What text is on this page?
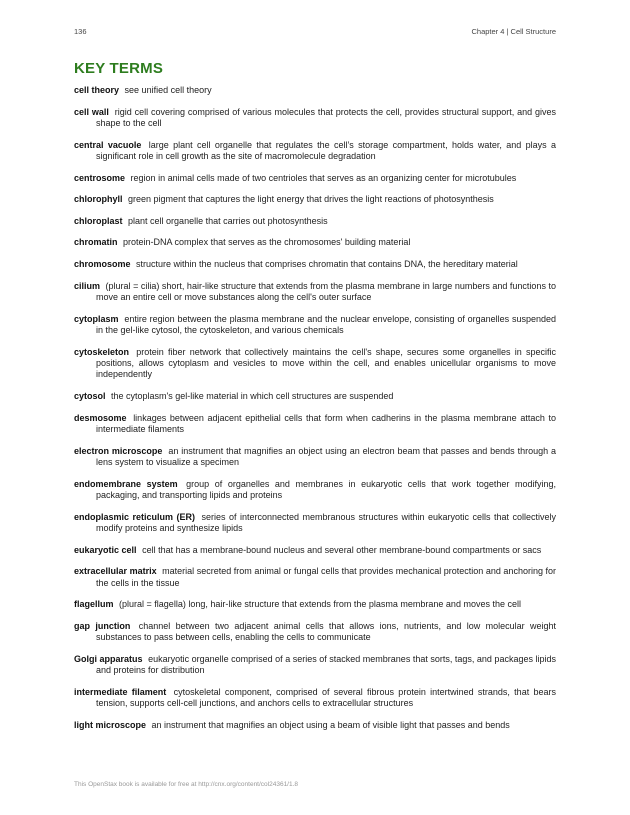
136	Chapter 4 | Cell Structure
KEY TERMS

cell theory see unified cell theory

cell wall rigid cell covering comprised of various molecules that protects the cell, provides structural support, and gives shape to the cell

central vacuole large plant cell organelle that regulates the cell’s storage compartment, holds water, and plays a significant role in cell growth as the site of macromolecule degradation

centrosome region in animal cells made of two centrioles that serves as an organizing center for microtubules

chlorophyll green pigment that captures the light energy that drives the light reactions of photosynthesis

chloroplast plant cell organelle that carries out photosynthesis

chromatin protein-DNA complex that serves as the chromosomes' building material

chromosome structure within the nucleus that comprises chromatin that contains DNA, the hereditary material

cilium (plural = cilia) short, hair-like structure that extends from the plasma membrane in large numbers and functions to move an entire cell or move substances along the cell's outer surface

cytoplasm entire region between the plasma membrane and the nuclear envelope, consisting of organelles suspended in the gel-like cytosol, the cytoskeleton, and various chemicals

cytoskeleton protein fiber network that collectively maintains the cell's shape, secures some organelles in specific positions, allows cytoplasm and vesicles to move within the cell, and enables unicellular organisms to move independently

cytosol the cytoplasm's gel-like material in which cell structures are suspended

desmosome linkages between adjacent epithelial cells that form when cadherins in the plasma membrane attach to intermediate filaments

electron microscope an instrument that magnifies an object using an electron beam that passes and bends through a lens system to visualize a specimen

endomembrane system group of organelles and membranes in eukaryotic cells that work together modifying, packaging, and transporting lipids and proteins

endoplasmic reticulum (ER) series of interconnected membranous structures within eukaryotic cells that collectively modify proteins and synthesize lipids

eukaryotic cell cell that has a membrane-bound nucleus and several other membrane-bound compartments or sacs

extracellular matrix material secreted from animal or fungal cells that provides mechanical protection and anchoring for the cells in the tissue

flagellum (plural = flagella) long, hair-like structure that extends from the plasma membrane and moves the cell

gap junction channel between two adjacent animal cells that allows ions, nutrients, and low molecular weight substances to pass between cells, enabling the cells to communicate

Golgi apparatus eukaryotic organelle comprised of a series of stacked membranes that sorts, tags, and packages lipids and proteins for distribution

intermediate filament cytoskeletal component, comprised of several fibrous protein intertwined strands, that bears tension, supports cell-cell junctions, and anchors cells to extracellular structures

light microscope an instrument that magnifies an object using a beam of visible light that passes and bends

This OpenStax book is available for free at http://cnx.org/content/col24361/1.8
